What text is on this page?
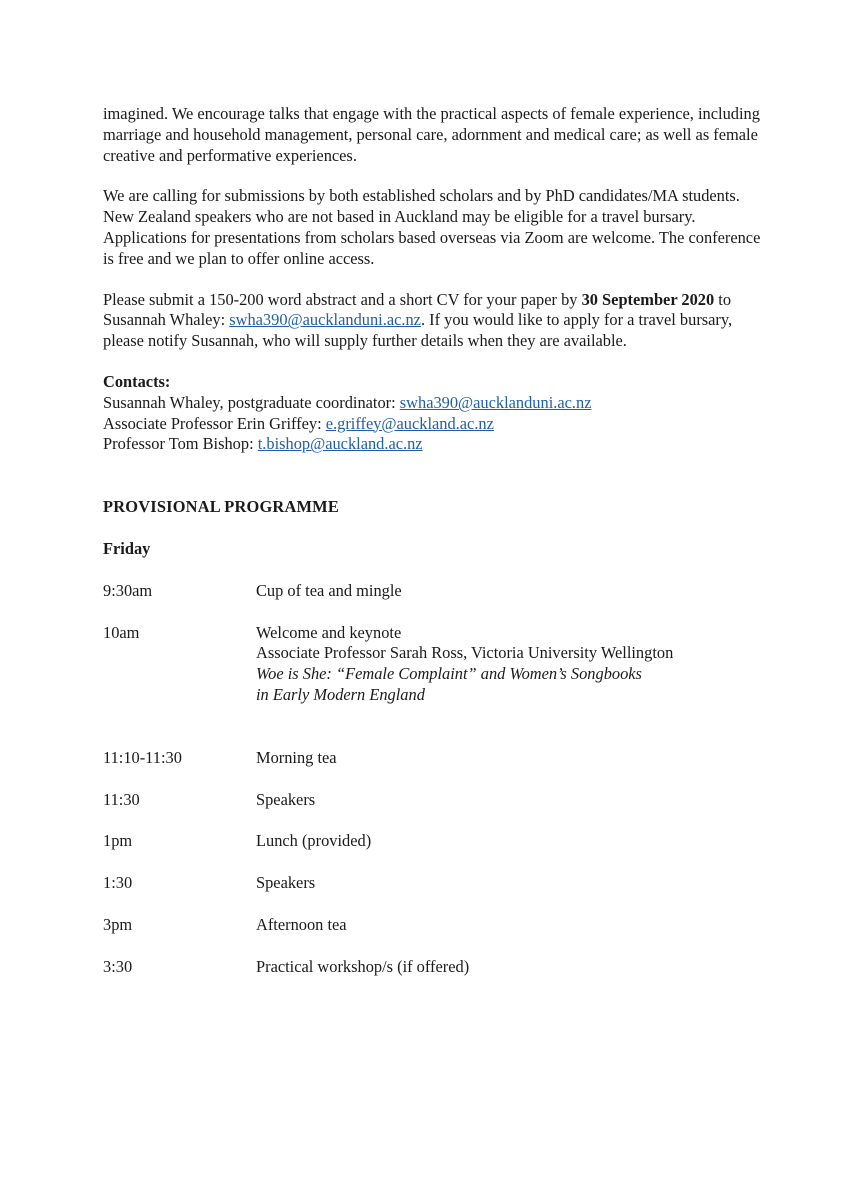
imagined. We encourage talks that engage with the practical aspects of female experience, including marriage and household management, personal care, adornment and medical care; as well as female creative and performative experiences.

We are calling for submissions by both established scholars and by PhD candidates/MA students. New Zealand speakers who are not based in Auckland may be eligible for a travel bursary. Applications for presentations from scholars based overseas via Zoom are welcome. The conference is free and we plan to offer online access.

Please submit a 150-200 word abstract and a short CV for your paper by 30 September 2020 to Susannah Whaley: swha390@aucklanduni.ac.nz. If you would like to apply for a travel bursary, please notify Susannah, who will supply further details when they are available.

Contacts:

Susannah Whaley, postgraduate coordinator: swha390@aucklanduni.ac.nz

Associate Professor Erin Griffey: e.griffey@auckland.ac.nz

Professor Tom Bishop: t.bishop@auckland.ac.nz

PROVISIONAL PROGRAMME

Friday

9:30am	Cup of tea and mingle
10am	Welcome and keynote
Associate Professor Sarah Ross, Victoria University Wellington
Woe is She: “Female Complaint” and Women’s Songbooks
in Early Modern England
11:10-11:30	Morning tea
11:30	Speakers
1pm	Lunch (provided)
1:30	Speakers
3pm	Afternoon tea
3:30	Practical workshop/s (if offered)
